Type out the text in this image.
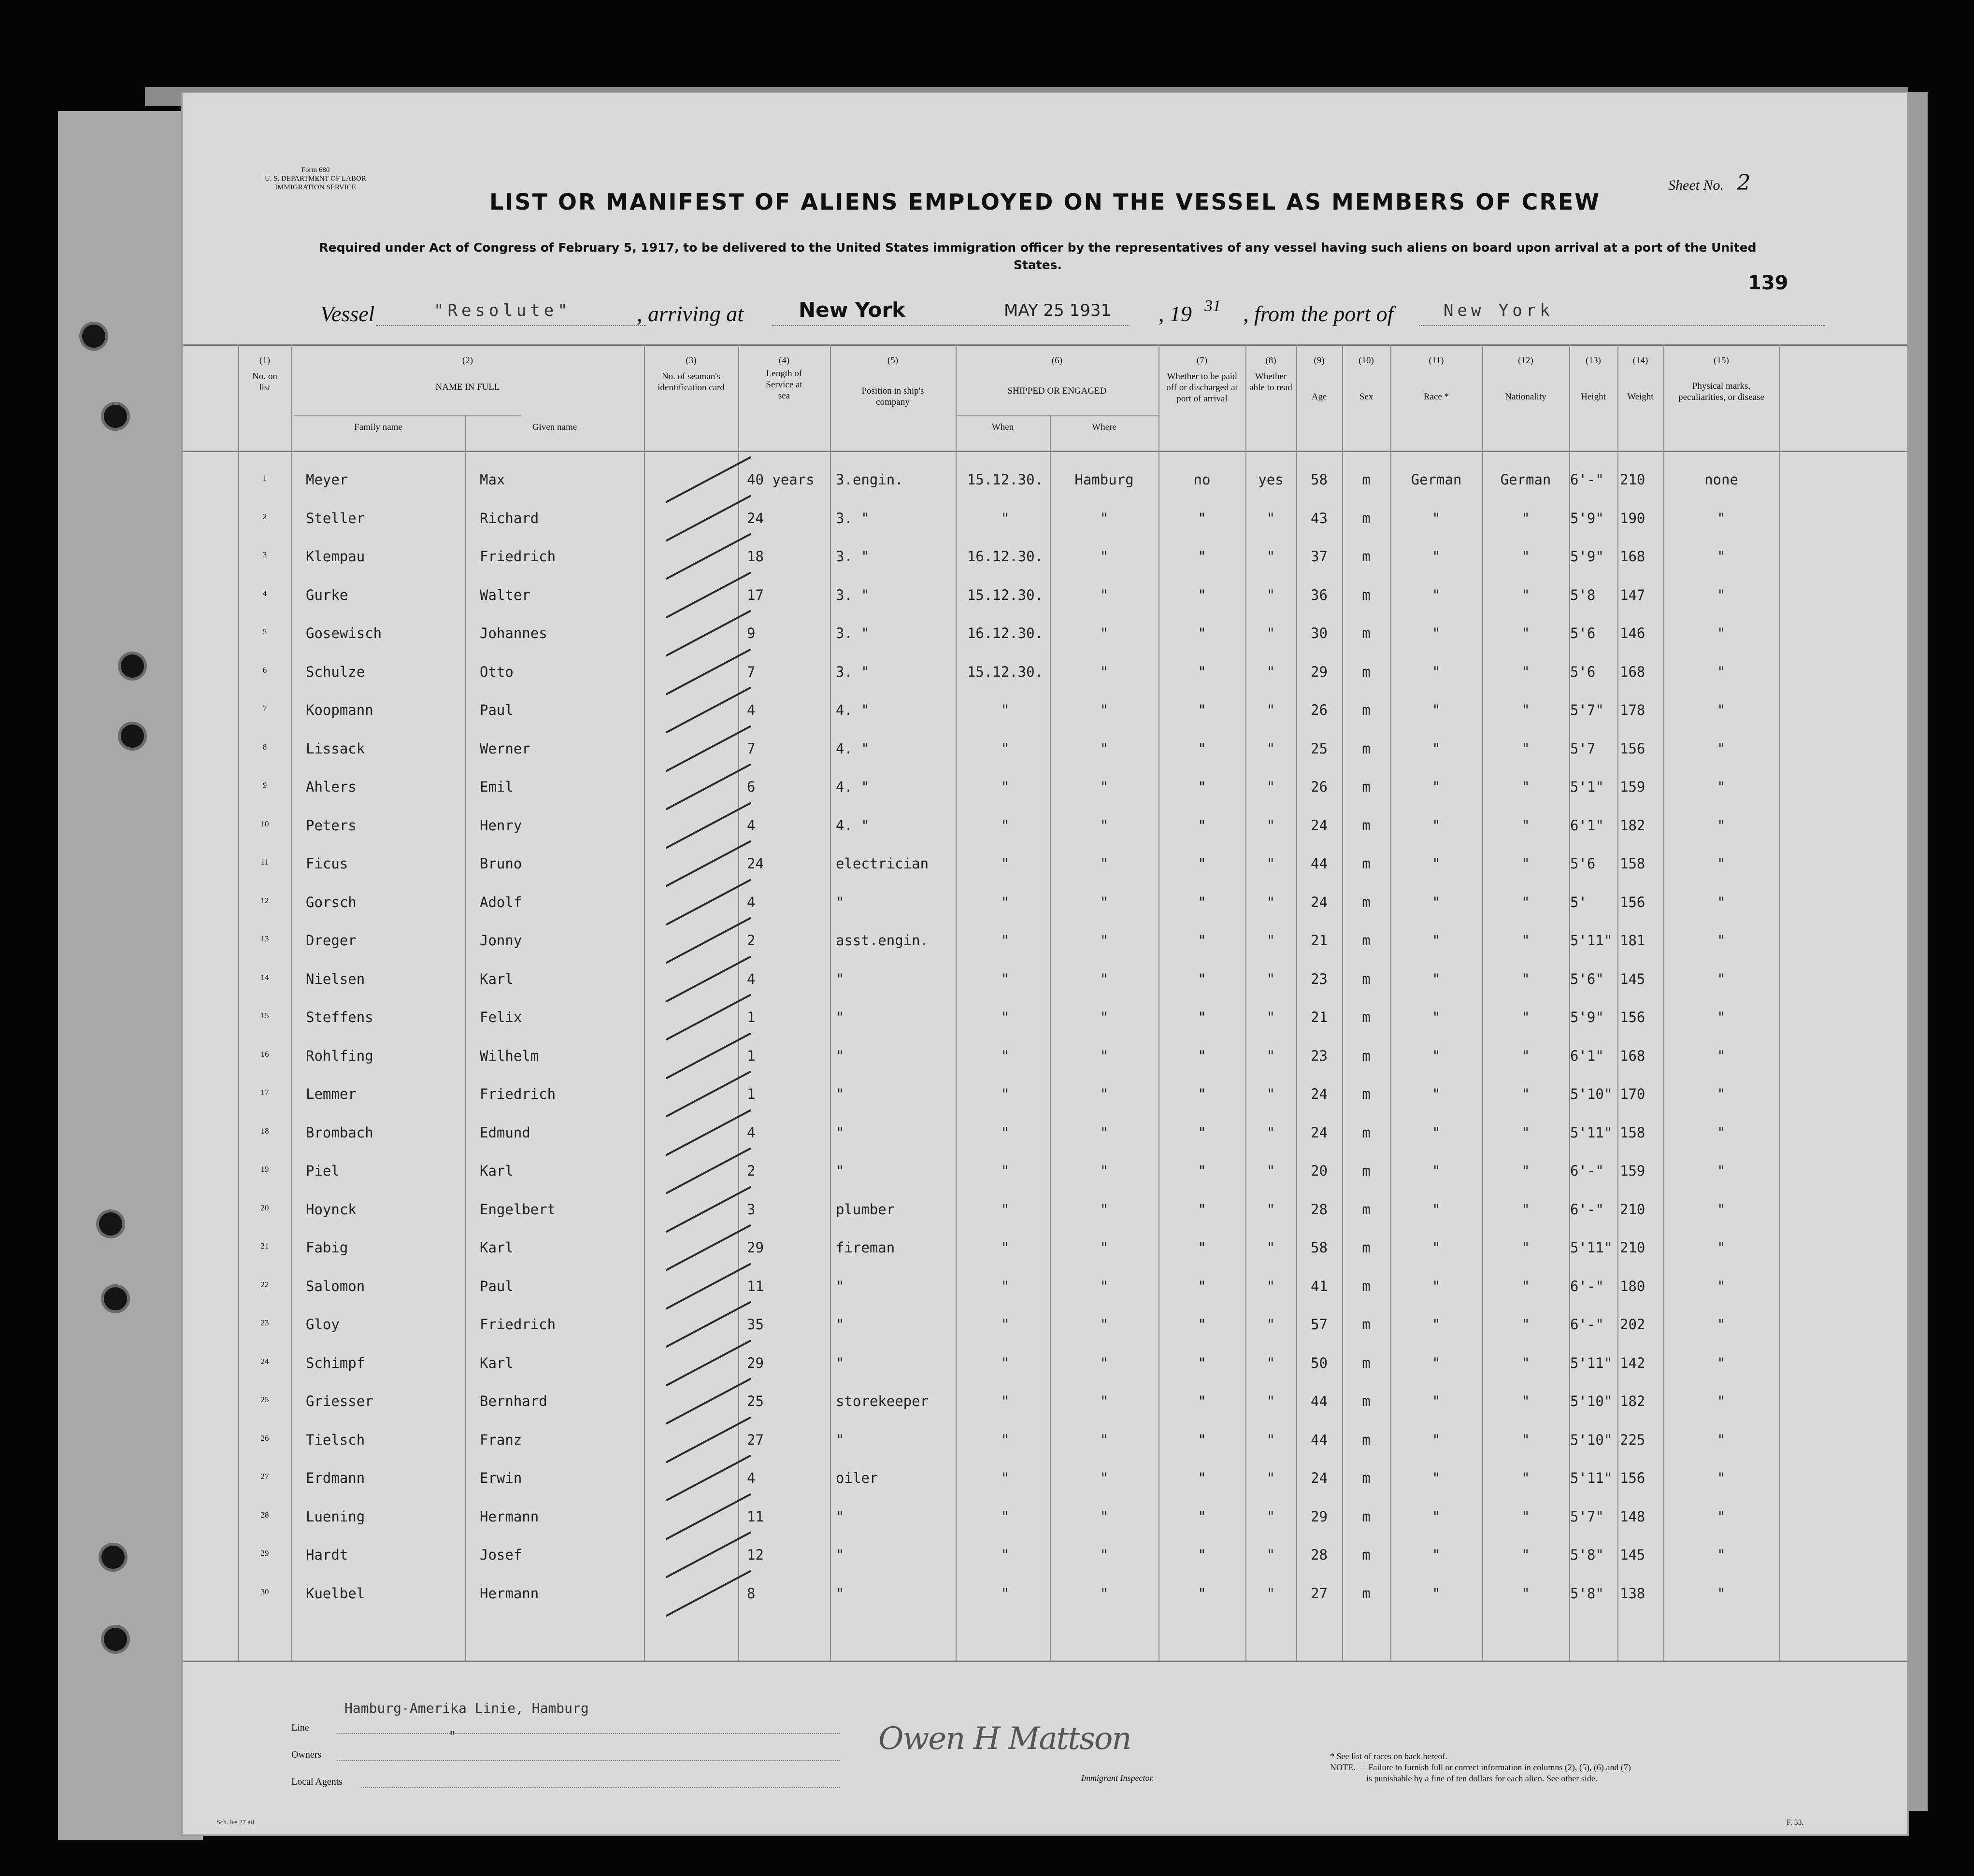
Form 680
U. S. DEPARTMENT OF LABOR
IMMIGRATION SERVICE	Sheet No. 2
LIST OR MANIFEST OF ALIENS EMPLOYED ON THE VESSEL AS MEMBERS OF CREW
Required under Act of Congress of February 5, 1917, to be delivered to the United States immigration officer by the representatives of any vessel having such aliens on board upon arrival at a port of the United States.
139
Vessel	"Resolute"	, arriving at	New York	MAY 25 1931 , 19 31 , from the port of	New York
(1)
No. on list
(2)
NAME IN FULL
Family name	Given name
(3)
No. of seaman's identification card
(4)
Length of Service at sea
(5)
Position in ship's company
(6)
SHIPPED OR ENGAGED
When	Where
(7)
Whether to be paid off or discharged at port of arrival
(8)
Whether able to read
(9)
Age
(10)
Sex
(11)
Race *
(12)
Nationality
(13)
Height
(14)
Weight
(15)
Physical marks, peculiarities, or disease
1	Meyer	Max	40 years	3.engin.	15.12.30.	Hamburg	no	yes	58	m	German	German	6'-"	210	none
2	Steller	Richard	24	3. "	"	"	"	"	43	m	"	"	5'9"	190	"
3	Klempau	Friedrich	18	3. "	16.12.30.	"	"	"	37	m	"	"	5'9"	168	"
4	Gurke	Walter	17	3. "	15.12.30.	"	"	"	36	m	"	"	5'8	147	"
5	Gosewisch	Johannes	9	3. "	16.12.30.	"	"	"	30	m	"	"	5'6	146	"
6	Schulze	Otto	7	3. "	15.12.30.	"	"	"	29	m	"	"	5'6	168	"
7	Koopmann	Paul	4	4. "	"	"	"	"	26	m	"	"	5'7"	178	"
8	Lissack	Werner	7	4. "	"	"	"	"	25	m	"	"	5'7	156	"
9	Ahlers	Emil	6	4. "	"	"	"	"	26	m	"	"	5'1"	159	"
10	Peters	Henry	4	4. "	"	"	"	"	24	m	"	"	6'1"	182	"
11	Ficus	Bruno	24	electrician	"	"	"	"	44	m	"	"	5'6	158	"
12	Gorsch	Adolf	4	"	"	"	"	"	24	m	"	"	5'	156	"
13	Dreger	Jonny	2	asst.engin.	"	"	"	"	21	m	"	"	5'11" 181	"
14	Nielsen	Karl	4	"	"	"	"	"	23	m	"	"	5'6"	145	"
15	Steffens	Felix	1	"	"	"	"	"	21	m	"	"	5'9"	156	"
16	Rohlfing	Wilhelm	1	"	"	"	"	"	23	m	"	"	6'1"	168	"
17	Lemmer	Friedrich	1	"	"	"	"	"	24	m	"	"	5'10" 170	"
18	Brombach	Edmund	4	"	"	"	"	"	24	m	"	"	5'11" 158	"
19	Piel	Karl	2	"	"	"	"	"	20	m	"	"	6'-"	159	"
20	Hoynck	Engelbert	3	plumber	"	"	"	"	28	m	"	"	6'-"	210	"
21	Fabig	Karl	29	fireman	"	"	"	"	58	m	"	"	5'11" 210	"
22	Salomon	Paul	11	"	"	"	"	"	41	m	"	"	6'-"	180	"
23	Gloy	Friedrich	35	"	"	"	"	"	57	m	"	"	6'-"	202	"
24	Schimpf	Karl	29	"	"	"	"	"	50	m	"	"	5'11" 142	"
25	Griesser	Bernhard	25	storekeeper	"	"	"	"	44	m	"	"	5'10" 182	"
26	Tielsch	Franz	27	"	"	"	"	"	44	m	"	"	5'10" 225	"
27	Erdmann	Erwin	4	oiler	"	"	"	"	24	m	"	"	5'11" 156	"
28	Luening	Hermann	11	"	"	"	"	"	29	m	"	"	5'7"	148	"
29	Hardt	Josef	12	"	"	"	"	"	28	m	"	"	5'8"	145	"
30	Kuelbel	Hermann	8	"	"	"	"	"	27	m	"	"	5'8"	138	"
Line
Hamburg-Amerika Linie, Hamburg
Owners
"
Local Agents
Owen H Mattson
Immigrant Inspector.
* See list of races on back hereof.
NOTE. — Failure to furnish full or correct information in columns (2), (5), (6) and (7)
is punishable by a fine of ten dollars for each alien. See other side.
Sch. las 27 ad	F. 53.
